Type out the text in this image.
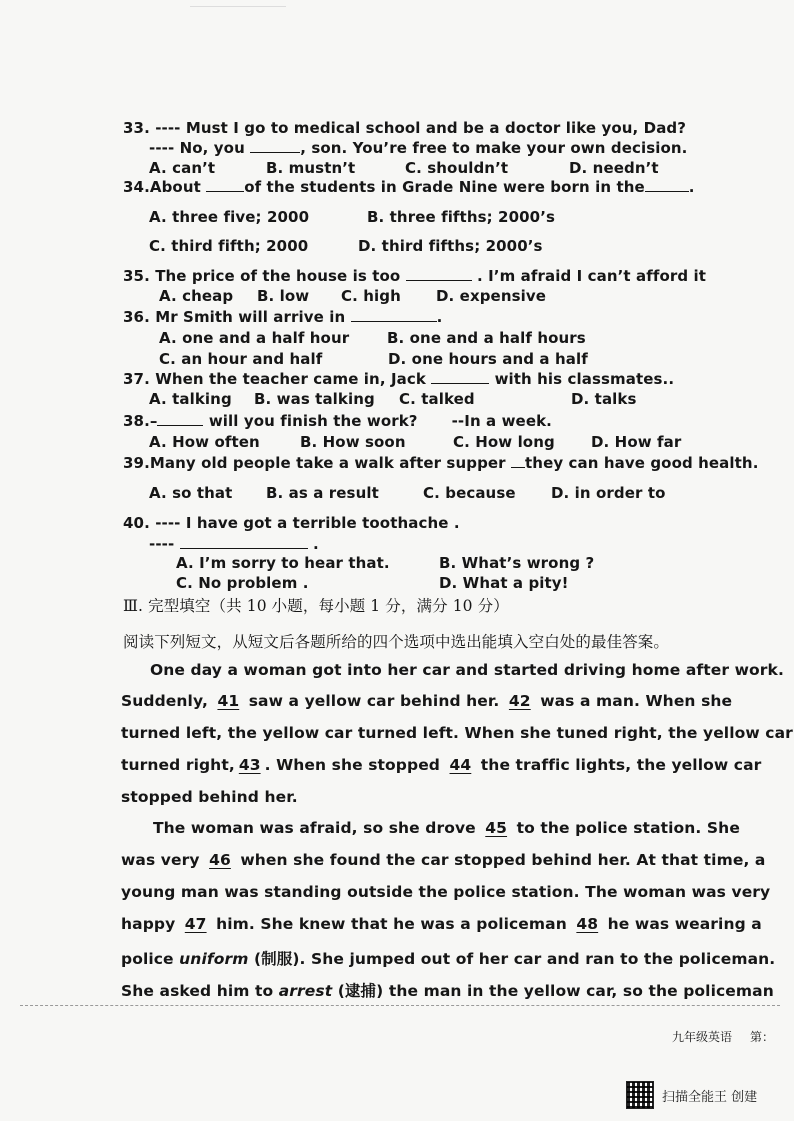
33. ---- Must I go to medical school and be a doctor like you, Dad?
---- No, you	, son. You’re free to make your own decision.
A. can’t	B. mustn’t	C. shouldn’t	D. needn’t
34.About	of the students in Grade Nine were born in the	.
A. three five; 2000	B. three fifths; 2000’s
C. third fifth; 2000	D. third fifths; 2000’s
35. The price of the house is too	. I’m afraid I can’t afford it
A. cheap B. low C. high D. expensive
36. Mr Smith will arrive in	.
A. one and a half hour	B. one and a half hours
C. an hour and half	D. one hours and a half
37. When the teacher came in, Jack	with his classmates..
A. talking B. was talking C. talked	D. talks
38.–	will you finish the work? --In a week.
A. How often	B. How soon	C. How long D. How far
39.Many old people take a walk after supper they can have good health.
A. so that B. as a result	C. because D. in order to
40. ---- I have got a terrible toothache .
----	.
A. I’m sorry to hear that.	B. What’s wrong ?
C. No problem .	D. What a pity!
Ⅲ. 完型填空（共 10 小题，每小题 1 分，满分 10 分）
阅读下列短文，从短文后各题所给的四个选项中选出能填入空白处的最佳答案。
One day a woman got into her car and started driving home after work.
Suddenly, 41 saw a yellow car behind her. 42 was a man. When she
turned left, the yellow car turned left. When she tuned right, the yellow car
turned right, 43 . When she stopped 44 the traffic lights, the yellow car
stopped behind her.
The woman was afraid, so she drove 45 to the police station. She
was very 46 when she found the car stopped behind her. At that time, a
young man was standing outside the police station. The woman was very
happy 47 him. She knew that he was a policeman 48 he was wearing a
police uniform (制服). She jumped out of her car and ran to the policeman.
She asked him to arrest (逮捕) the man in the yellow car, so the policeman
九年级英语 第：
扫描全能王 创建
